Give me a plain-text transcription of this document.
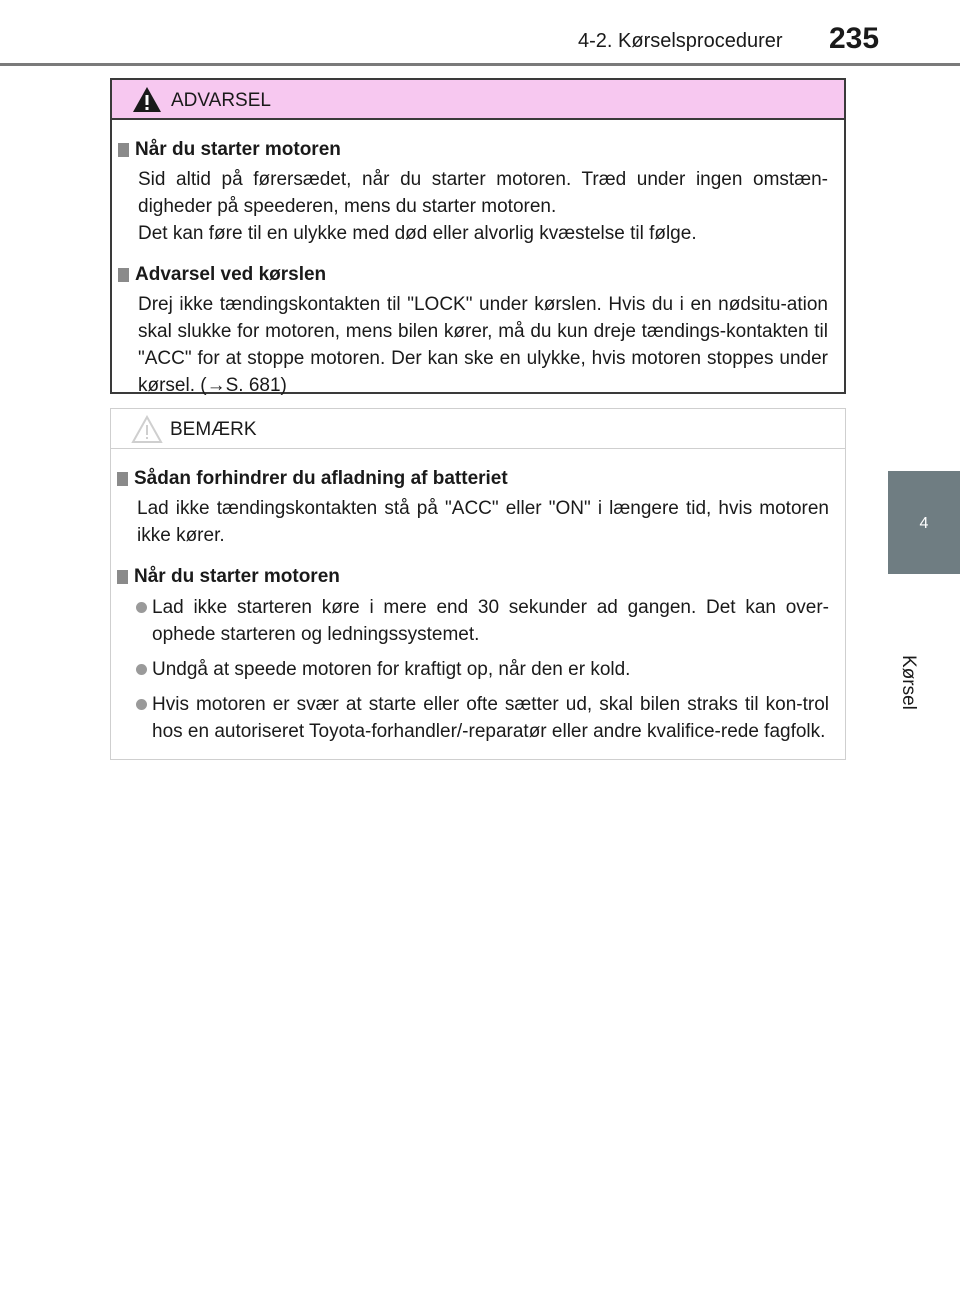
4-2. Kørselsprocedurer 235
4
Kørsel
ADVARSEL
Når du starter motoren
Sid altid på førersædet, når du starter motoren. Træd under ingen omstæn-digheder på speederen, mens du starter motoren.
Det kan føre til en ulykke med død eller alvorlig kvæstelse til følge.
Advarsel ved kørslen
Drej ikke tændingskontakten til "LOCK" under kørslen. Hvis du i en nødsitu-ation skal slukke for motoren, mens bilen kører, må du kun dreje tændings-kontakten til "ACC" for at stoppe motoren. Der kan ske en ulykke, hvis motoren stoppes under kørsel. (→S. 681)
BEMÆRK
Sådan forhindrer du afladning af batteriet
Lad ikke tændingskontakten stå på "ACC" eller "ON" i længere tid, hvis motoren ikke kører.
Når du starter motoren
Lad ikke starteren køre i mere end 30 sekunder ad gangen. Det kan over-ophede starteren og ledningssystemet.
Undgå at speede motoren for kraftigt op, når den er kold.
Hvis motoren er svær at starte eller ofte sætter ud, skal bilen straks til kon-trol hos en autoriseret Toyota-forhandler/-reparatør eller andre kvalifice-rede fagfolk.
